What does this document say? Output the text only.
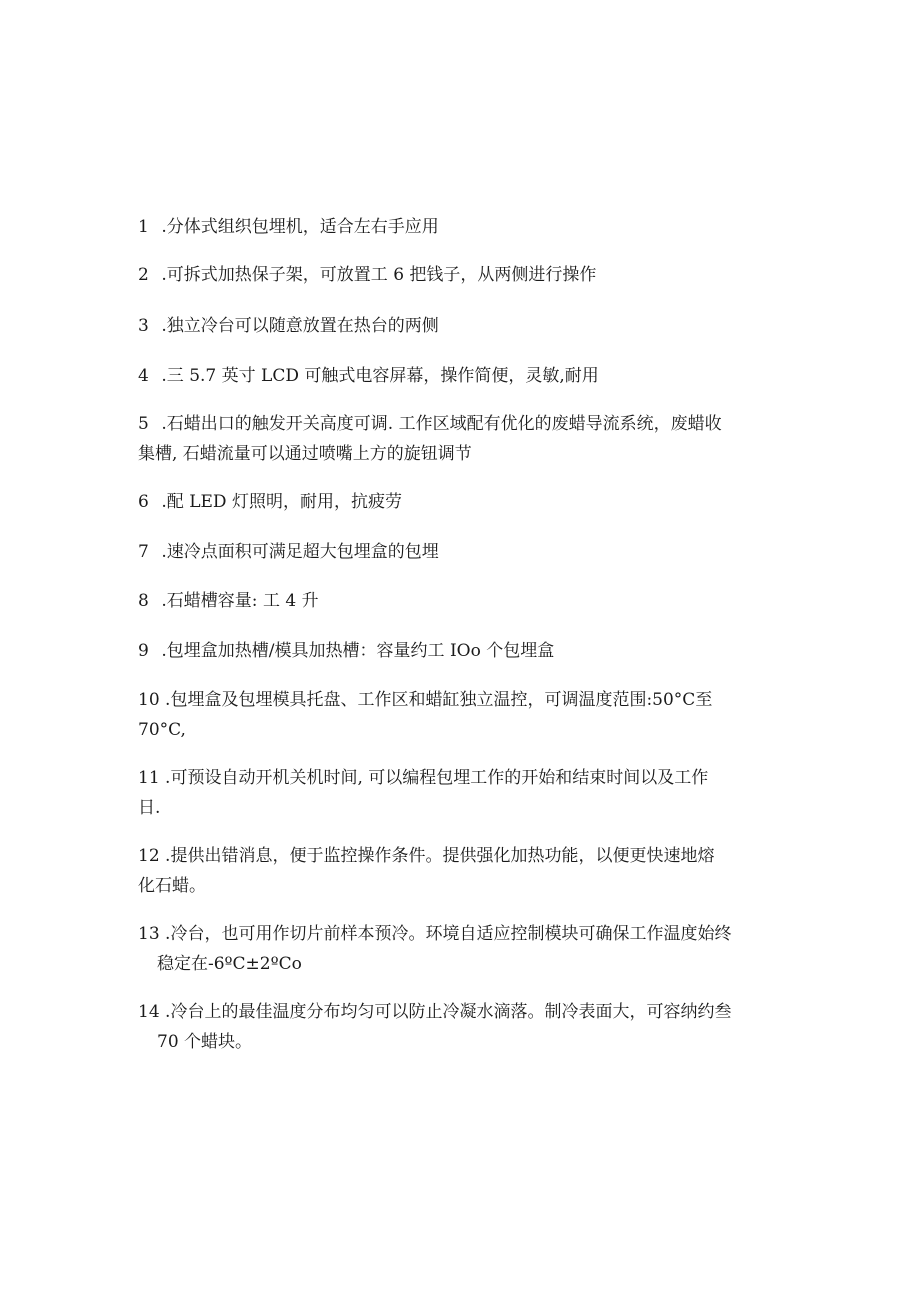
1 .分体式组织包埋机，适合左右手应用
2 .可拆式加热保子架，可放置工 6 把钱子，从两侧进行操作
3 .独立冷台可以随意放置在热台的两侧
4 .三 5.7 英寸 LCD 可触式电容屏幕，操作简便，灵敏,耐用
5 .石蜡出口的触发开关高度可调. 工作区域配有优化的废蜡导流系统，废蜡收
集槽, 石蜡流量可以通过喷嘴上方的旋钮调节
6 .配 LED 灯照明，耐用，抗疲劳
7 .速冷点面积可满足超大包埋盒的包埋
8 .石蜡槽容量: 工 4 升
9 .包埋盒加热槽/模具加热槽：容量约工 IOo 个包埋盒
10 .包埋盒及包埋模具托盘、工作区和蜡缸独立温控，可调温度范围:50°C至
70°C,
11 .可预设自动开机关机时间, 可以编程包埋工作的开始和结束时间以及工作
日.
12 .提供出错消息，便于监控操作条件。提供强化加热功能，以便更快速地熔
化石蜡。
13 .冷台，也可用作切片前样本预冷。环境自适应控制模块可确保工作温度始终
稳定在-6ºC±2ºCo
14 .冷台上的最佳温度分布均匀可以防止冷凝水滴落。制冷表面大，可容纳约叁
70 个蜡块。
